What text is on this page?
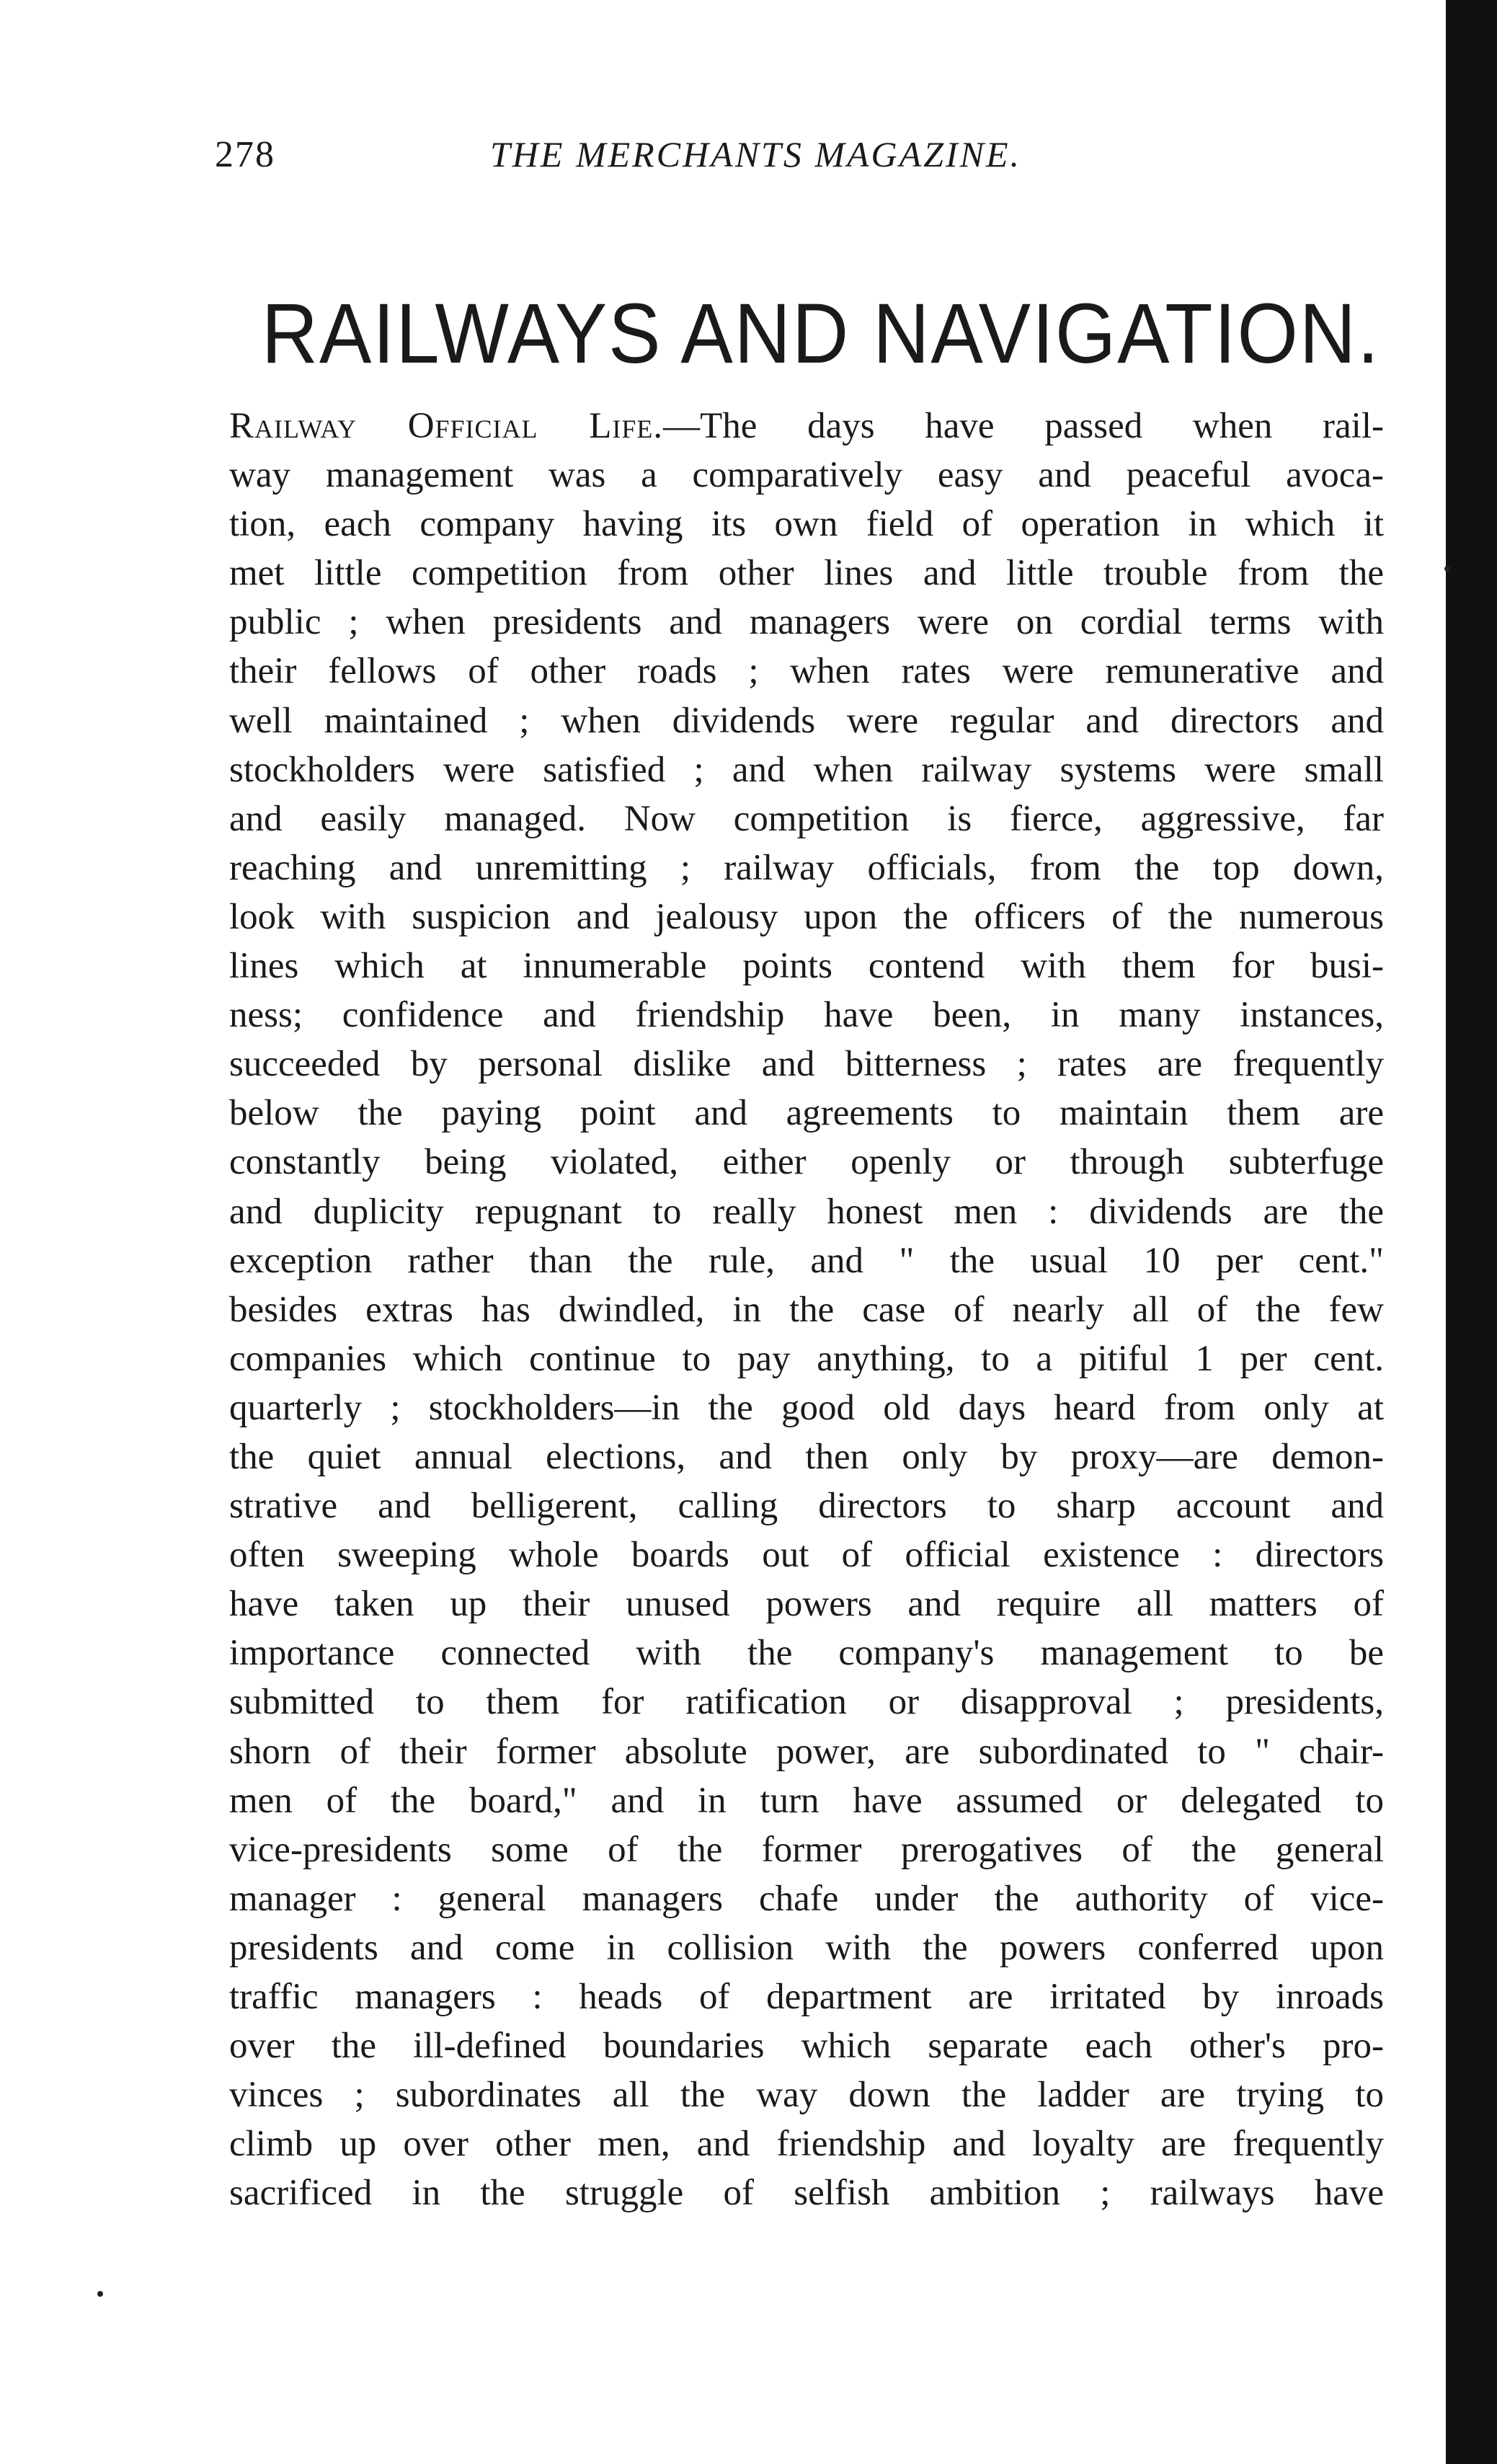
278	THE MERCHANTS MAGAZINE.
RAILWAYS AND NAVIGATION.
Railway Official Life.—The days have passed when rail-
way management was a comparatively easy and peaceful avoca-
tion, each company having its own field of operation in which it
met little competition from other lines and little trouble from the
public ; when presidents and managers were on cordial terms with
their fellows of other roads ; when rates were remunerative and
well maintained ; when dividends were regular and directors and
stockholders were satisfied ; and when railway systems were small
and easily managed. Now competition is fierce, aggressive, far
reaching and unremitting ; railway officials, from the top down,
look with suspicion and jealousy upon the officers of the numerous
lines which at innumerable points contend with them for busi-
ness; confidence and friendship have been, in many instances,
succeeded by personal dislike and bitterness ; rates are frequently
below the paying point and agreements to maintain them are
constantly being violated, either openly or through subterfuge
and duplicity repugnant to really honest men : dividends are the
exception rather than the rule, and " the usual 10 per cent."
besides extras has dwindled, in the case of nearly all of the few
companies which continue to pay anything, to a pitiful 1 per cent.
quarterly ; stockholders—in the good old days heard from only at
the quiet annual elections, and then only by proxy—are demon-
strative and belligerent, calling directors to sharp account and
often sweeping whole boards out of official existence : directors
have taken up their unused powers and require all matters of
importance connected with the company's management to be
submitted to them for ratification or disapproval ; presidents,
shorn of their former absolute power, are subordinated to " chair-
men of the board," and in turn have assumed or delegated to
vice-presidents some of the former prerogatives of the general
manager : general managers chafe under the authority of vice-
presidents and come in collision with the powers conferred upon
traffic managers : heads of department are irritated by inroads
over the ill-defined boundaries which separate each other's pro-
vinces ; subordinates all the way down the ladder are trying to
climb up over other men, and friendship and loyalty are frequently
sacrificed in the struggle of selfish ambition ; railways have
